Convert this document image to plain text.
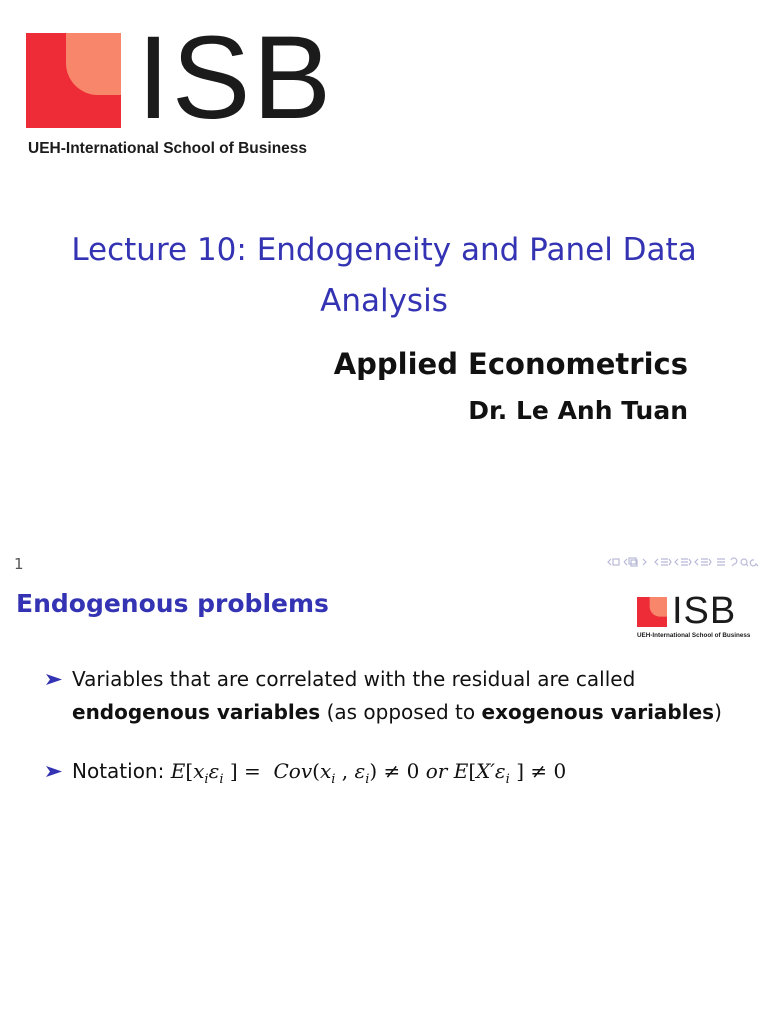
ISB
UEH-International School of Business
Lecture 10: Endogeneity and Panel Data Analysis
Applied Econometrics
Dr. Le Anh Tuan
1
Endogenous problems	ISB
UEH-International School of Business
Variables that are correlated with the residual are called endogenous variables (as opposed to exogenous variables)
Notation: $E[x_i\varepsilon_i$ ] = $Cov(x_i$ , $\varepsilon_i) \ne 0$ or $E[X'\varepsilon_i$ ] ≠ 0
